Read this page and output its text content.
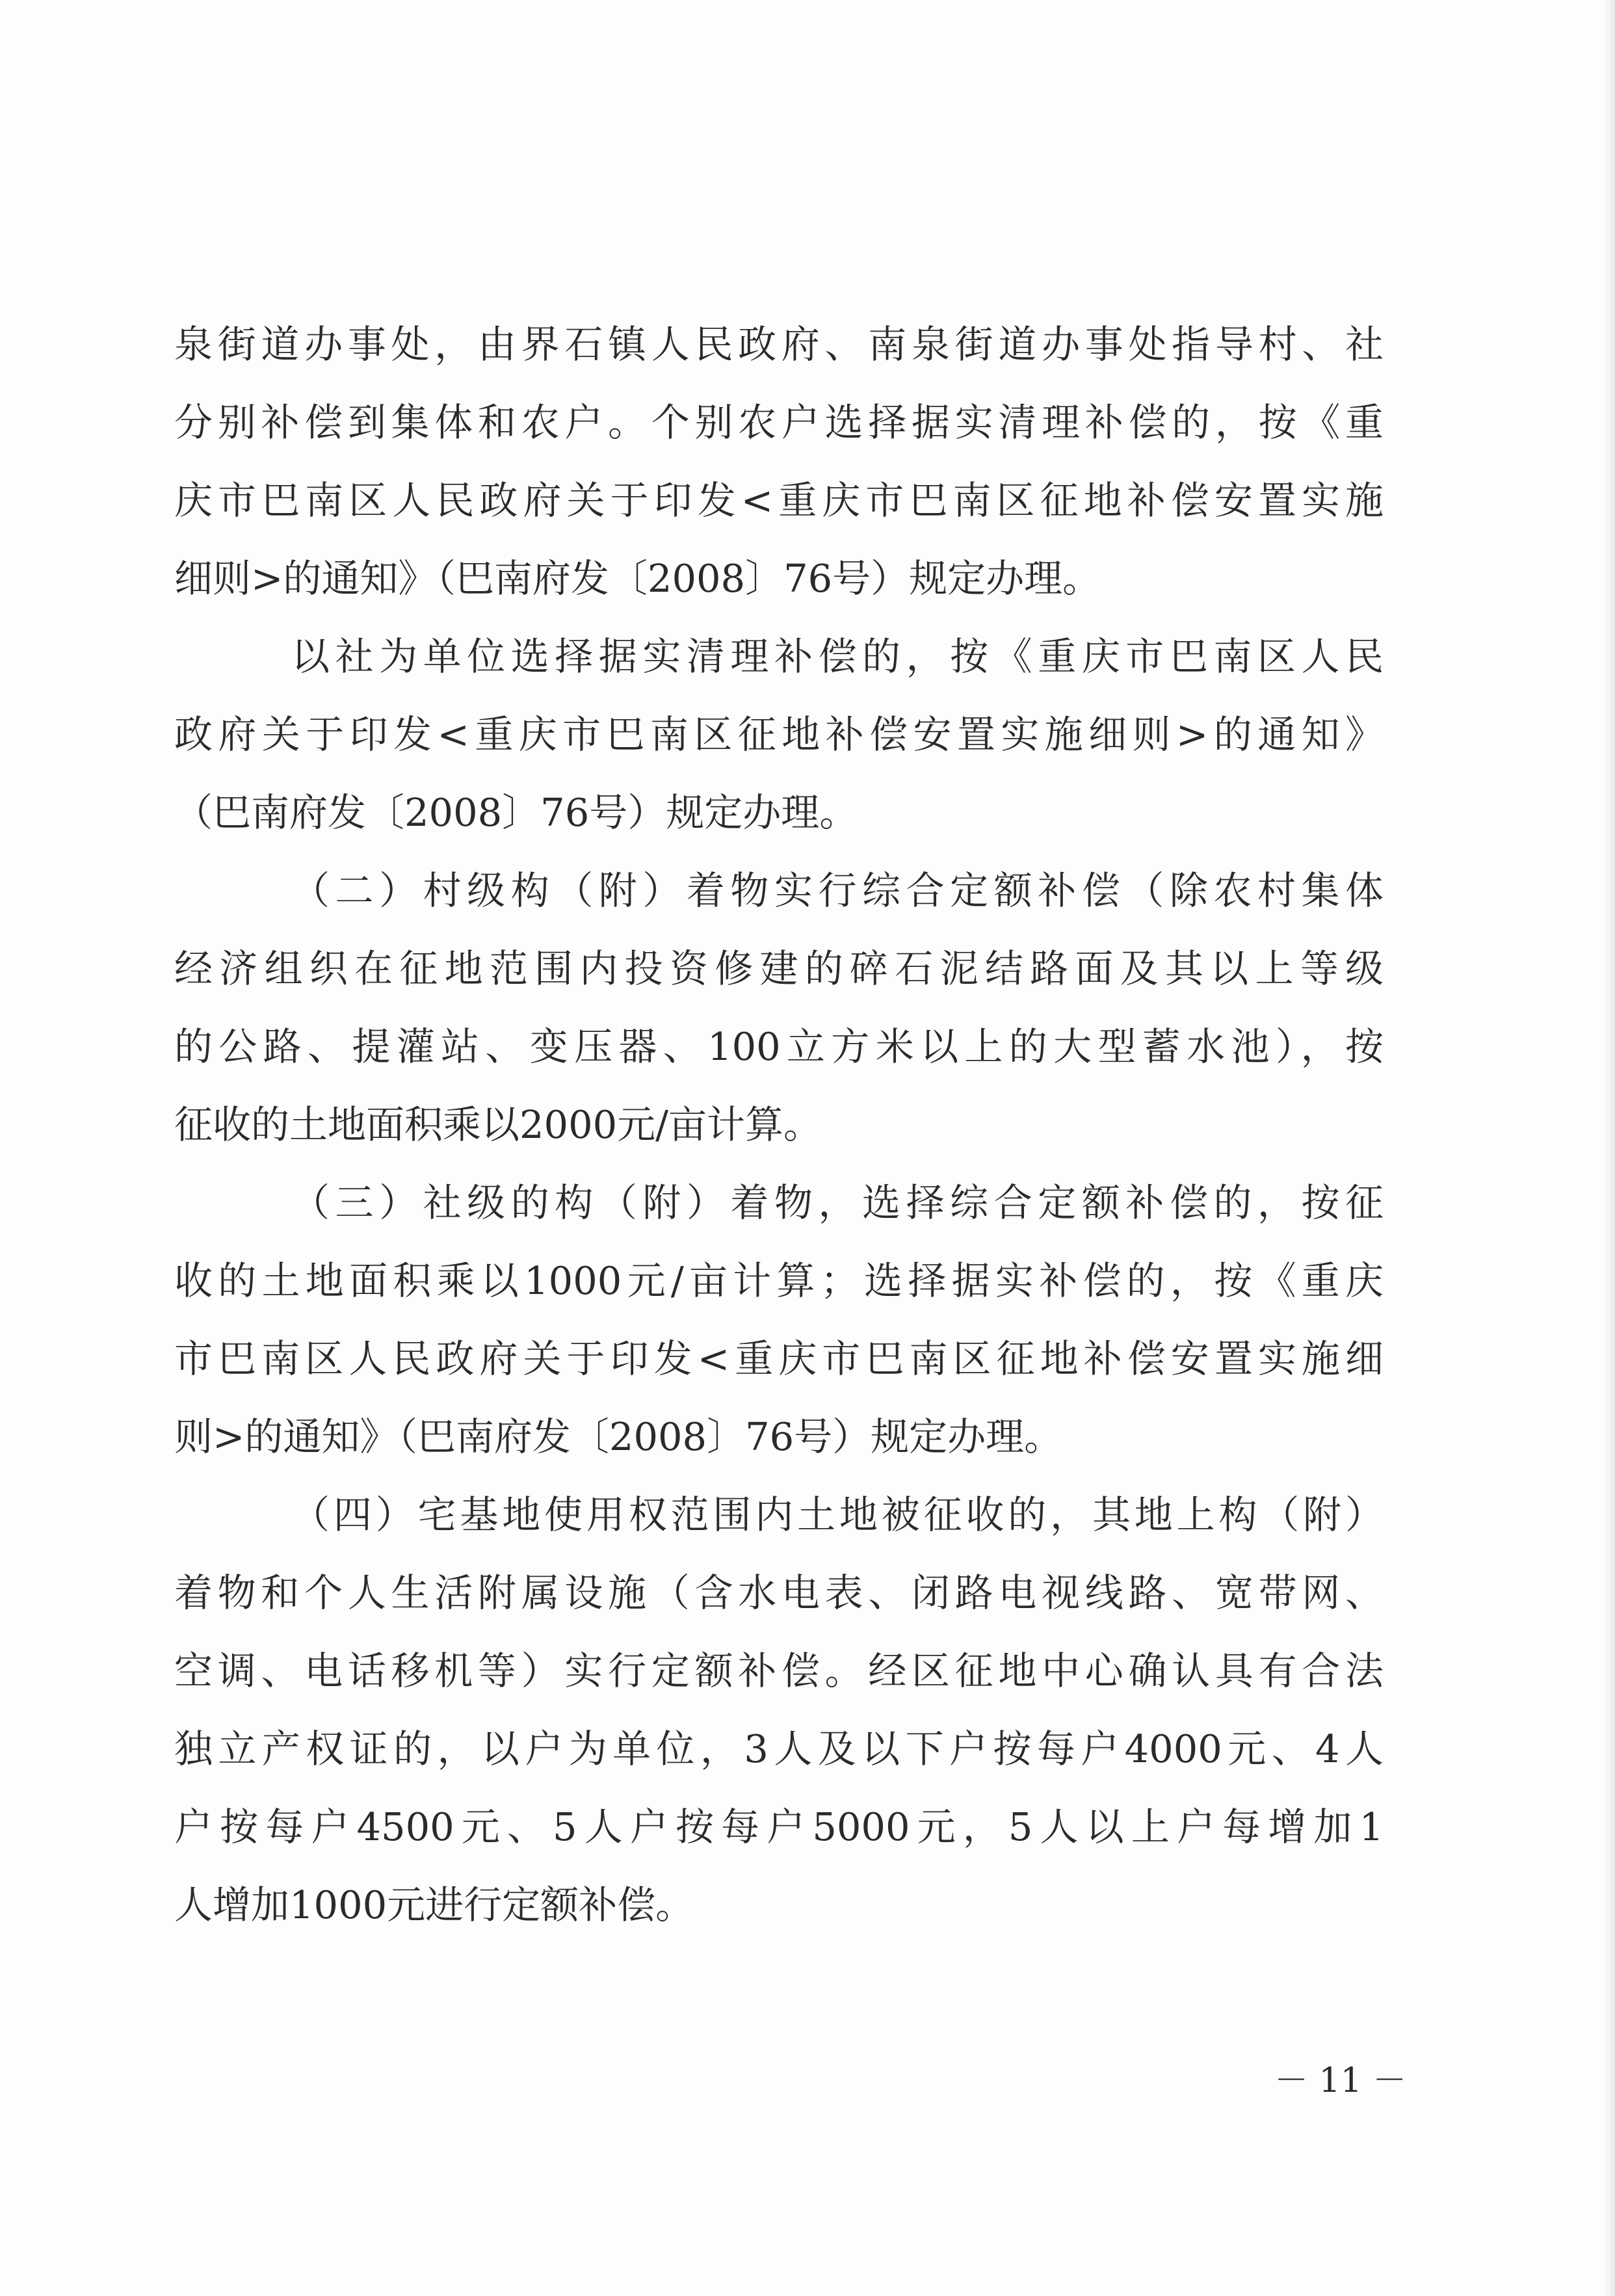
泉街道办事处，由界石镇人民政府、南泉街道办事处指导村、社
分别补偿到集体和农户。个别农户选择据实清理补偿的，按《重
庆市巴南区人民政府关于印发<重庆市巴南区征地补偿安置实施
细则>的通知》（巴南府发〔2008〕76号）规定办理。
以社为单位选择据实清理补偿的，按《重庆市巴南区人民
政府关于印发<重庆市巴南区征地补偿安置实施细则>的通知》
（巴南府发〔2008〕76号）规定办理。
（二）村级构（附）着物实行综合定额补偿（除农村集体
经济组织在征地范围内投资修建的碎石泥结路面及其以上等级
的公路、提灌站、变压器、100立方米以上的大型蓄水池），按
征收的土地面积乘以2000元/亩计算。
（三）社级的构（附）着物，选择综合定额补偿的，按征
收的土地面积乘以1000元/亩计算；选择据实补偿的，按《重庆
市巴南区人民政府关于印发<重庆市巴南区征地补偿安置实施细
则>的通知》（巴南府发〔2008〕76号）规定办理。
（四）宅基地使用权范围内土地被征收的，其地上构（附）
着物和个人生活附属设施（含水电表、闭路电视线路、宽带网、
空调、电话移机等）实行定额补偿。经区征地中心确认具有合法
独立产权证的，以户为单位，3人及以下户按每户4000元、4人
户按每户4500元、5人户按每户5000元，5人以上户每增加1
人增加1000元进行定额补偿。
－ 11 －
